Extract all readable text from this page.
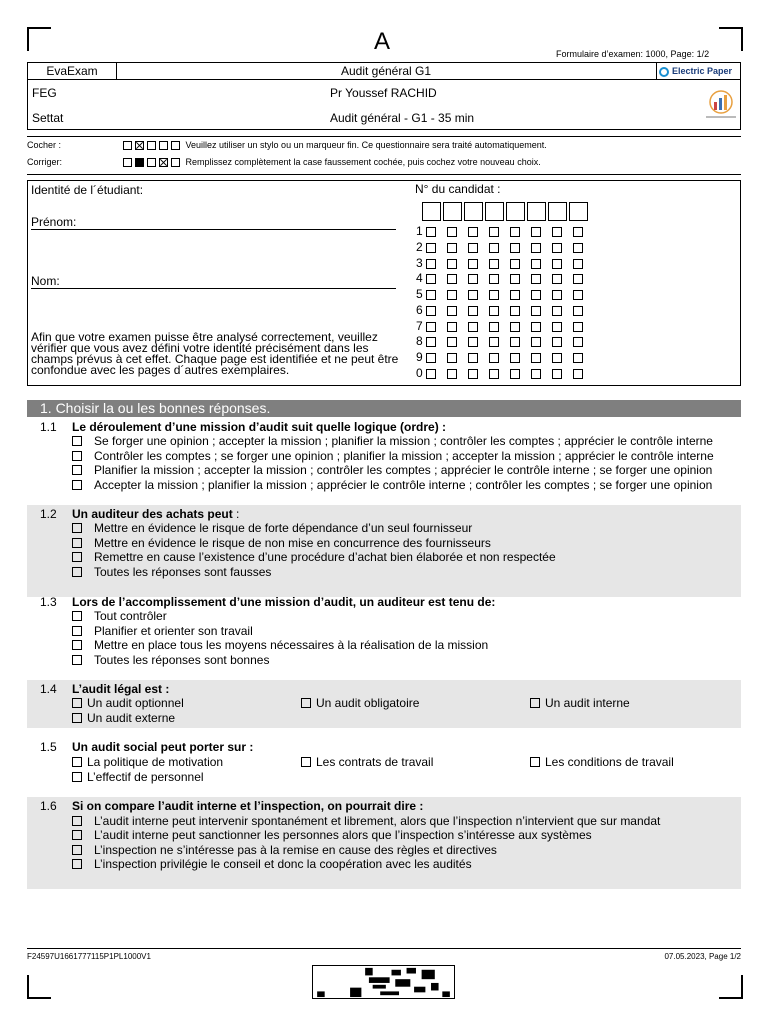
A	Formulaire d’examen: 1000, Page: 1/2
EvaExam	Audit général G1	Electric Paper
FEG	Pr Youssef RACHID
Settat	Audit général - G1 - 35 min
Cocher :	Veuillez utiliser un stylo ou un marqueur fin. Ce questionnaire sera traité automatiquement.
Corriger:	Remplissez complètement la case faussement cochée, puis cochez votre nouveau choix.
Identité de l´étudiant:
Prénom:
Nom:
Afin que votre examen puisse être analysé correctement, veuillez vérifier que vous avez défini votre identité précisément dans les champs prévus à cet effet. Chaque page est identifiée et ne peut être confondue avec les pages d´autres exemplaires.
N° du candidat :
1
2
3
4
5
6
7
8
9
0
1. Choisir la ou les bonnes réponses.
1.1 Le déroulement d’une mission d’audit suit quelle logique (ordre) :
Se forger une opinion ; accepter la mission ; planifier la mission ; contrôler les comptes ; apprécier le contrôle interne
Contrôler les comptes ; se forger une opinion ; planifier la mission ; accepter la mission ; apprécier le contrôle interne
Planifier la mission ; accepter la mission ; contrôler les comptes ; apprécier le contrôle interne ; se forger une opinion
Accepter la mission ; planifier la mission ; apprécier le contrôle interne ; contrôler les comptes ; se forger une opinion
1.2 Un auditeur des achats peut :
Mettre en évidence le risque de forte dépendance d’un seul fournisseur
Mettre en évidence le risque de non mise en concurrence des fournisseurs
Remettre en cause l’existence d’une procédure d’achat bien élaborée et non respectée
Toutes les réponses sont fausses
1.3 Lors de l’accomplissement d’une mission d’audit, un auditeur est tenu de:
Tout contrôler
Planifier et orienter son travail
Mettre en place tous les moyens nécessaires à la réalisation de la mission
Toutes les réponses sont bonnes
1.4 L’audit légal est :
Un audit optionnel	Un audit obligatoire	Un audit interne
Un audit externe
1.5 Un audit social peut porter sur :
La politique de motivation	Les contrats de travail	Les conditions de travail
L’effectif de personnel
1.6 Si on compare l’audit interne et l’inspection, on pourrait dire :
L’audit interne peut intervenir spontanément et librement, alors que l’inspection n’intervient que sur mandat
L’audit interne peut sanctionner les personnes alors que l’inspection s’intéresse aux systèmes
L’inspection ne s’intéresse pas à la remise en cause des règles et directives
L’inspection privilégie le conseil et donc la coopération avec les audités
F24597U1661777115P1PL1000V1	07.05.2023, Page 1/2
